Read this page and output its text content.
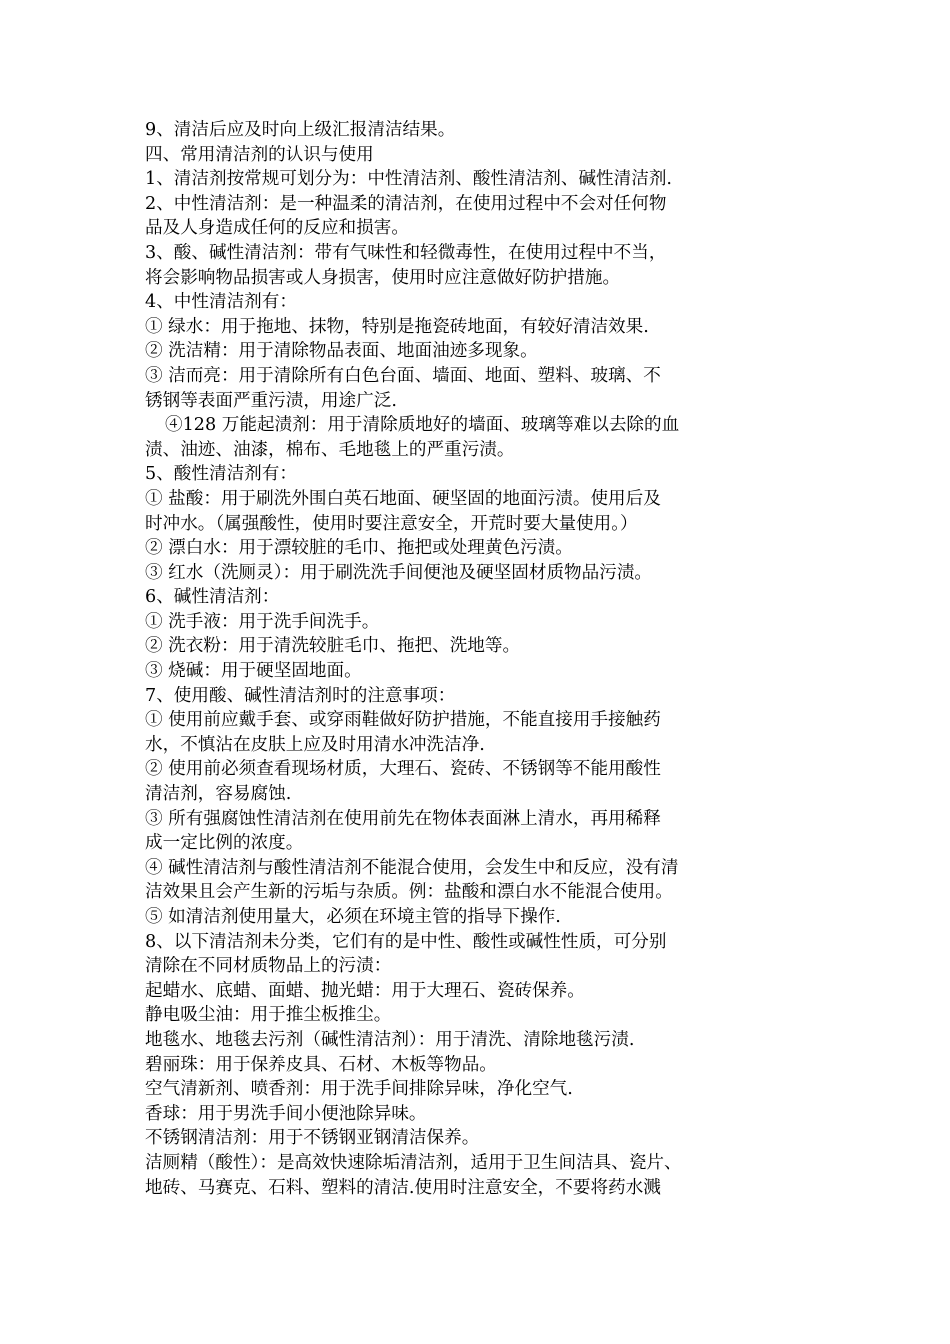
9、清洁后应及时向上级汇报清洁结果。
四、常用清洁剂的认识与使用
1、清洁剂按常规可划分为：中性清洁剂、酸性清洁剂、碱性清洁剂.
2、中性清洁剂：是一种温柔的清洁剂，在使用过程中不会对任何物
品及人身造成任何的反应和损害。
3、酸、碱性清洁剂：带有气味性和轻微毒性，在使用过程中不当，
将会影响物品损害或人身损害，使用时应注意做好防护措施。
4、中性清洁剂有：
① 绿水：用于拖地、抹物，特别是拖瓷砖地面，有较好清洁效果.
② 洗洁精：用于清除物品表面、地面油迹多现象。
③ 洁而亮：用于清除所有白色台面、墙面、地面、塑料、玻璃、不
锈钢等表面严重污渍，用途广泛.
④128 万能起渍剂：用于清除质地好的墙面、玻璃等难以去除的血
渍、油迹、油漆，棉布、毛地毯上的严重污渍。
5、酸性清洁剂有：
① 盐酸：用于刷洗外围白英石地面、硬坚固的地面污渍。使用后及
时冲水。（属强酸性，使用时要注意安全，开荒时要大量使用。）
② 漂白水：用于漂较脏的毛巾、拖把或处理黄色污渍。
③ 红水（洗厕灵）：用于刷洗洗手间便池及硬坚固材质物品污渍。
6、碱性清洁剂：
① 洗手液：用于洗手间洗手。
② 洗衣粉：用于清洗较脏毛巾、拖把、洗地等。
③ 烧碱：用于硬坚固地面。
7、使用酸、碱性清洁剂时的注意事项：
① 使用前应戴手套、或穿雨鞋做好防护措施，不能直接用手接触药
水，不慎沾在皮肤上应及时用清水冲洗洁净.
② 使用前必须查看现场材质，大理石、瓷砖、不锈钢等不能用酸性
清洁剂，容易腐蚀.
③ 所有强腐蚀性清洁剂在使用前先在物体表面淋上清水，再用稀释
成一定比例的浓度。
④ 碱性清洁剂与酸性清洁剂不能混合使用，会发生中和反应，没有清
洁效果且会产生新的污垢与杂质。例：盐酸和漂白水不能混合使用。
⑤ 如清洁剂使用量大，必须在环境主管的指导下操作.
8、以下清洁剂未分类，它们有的是中性、酸性或碱性性质，可分别
清除在不同材质物品上的污渍：
起蜡水、底蜡、面蜡、抛光蜡：用于大理石、瓷砖保养。
静电吸尘油：用于推尘板推尘。
地毯水、地毯去污剂（碱性清洁剂）：用于清洗、清除地毯污渍.
碧丽珠：用于保养皮具、石材、木板等物品。
空气清新剂、喷香剂：用于洗手间排除异味，净化空气.
香球：用于男洗手间小便池除异味。
不锈钢清洁剂：用于不锈钢亚钢清洁保养。
洁厕精（酸性）：是高效快速除垢清洁剂，适用于卫生间洁具、瓷片、
地砖、马赛克、石料、塑料的清洁.使用时注意安全，不要将药水溅
